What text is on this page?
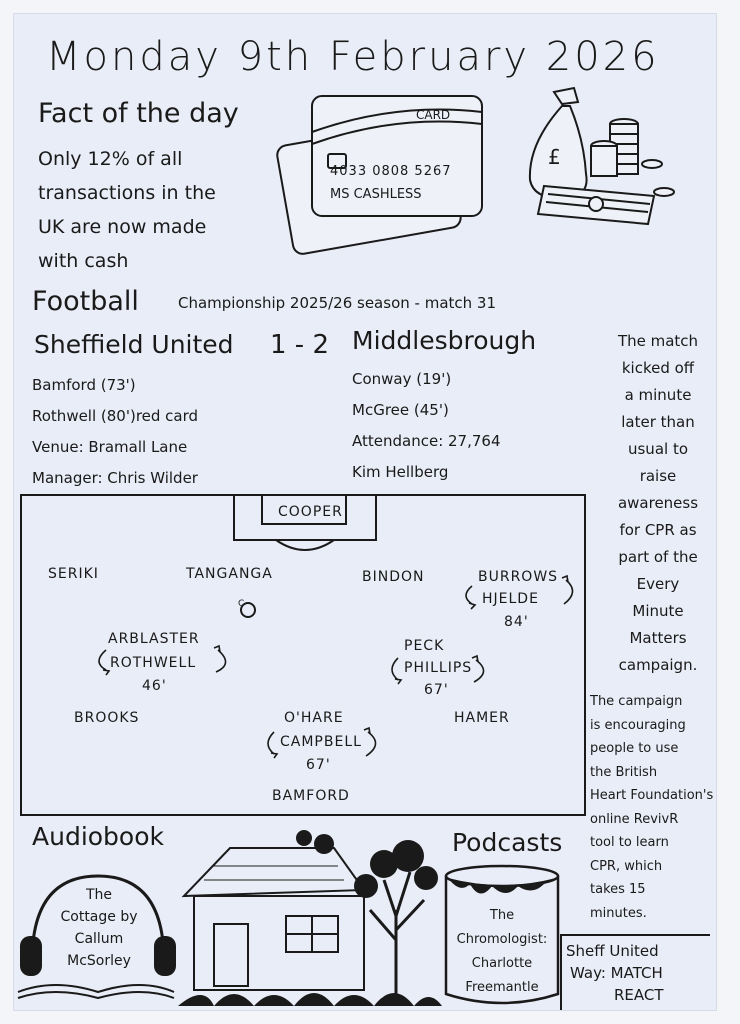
Monday 9th February 2026
Fact of the day
Only 12% of all
transactions in the
UK are now made
with cash
CARD
4033 0808 5267
MS CASHLESS
£
Football	Championship 2025/26 season - match 31
Sheffield United 1 - 2 Middlesbrough
Bamford (73')
Rothwell (80')red card
Venue: Bramall Lane
Manager: Chris Wilder
Conway (19')
McGree (45')
Attendance: 27,764
Kim Hellberg
The match
kicked off
a minute
later than
usual to
raise
awareness
for CPR as
part of the
Every
Minute
Matters
campaign.
The campaign
is encouraging
people to use
the British
Heart Foundation's
online RevivR
tool to learn
CPR, which
takes 15
minutes.
COOPER
C
SERIKI	TANGANGA	BINDON	BURROWS
HJELDE
84'
ARBLASTER
ROTHWELL
46'
PECK
PHILLIPS
67'
BROOKS	HAMER
O'HARE
CAMPBELL
67'
BAMFORD
Audiobook
The
Cottage by
Callum
McSorley
Podcasts
The
Chromologist:
Charlotte
Freemantle
Sheff United
Way: MATCH
REACT
